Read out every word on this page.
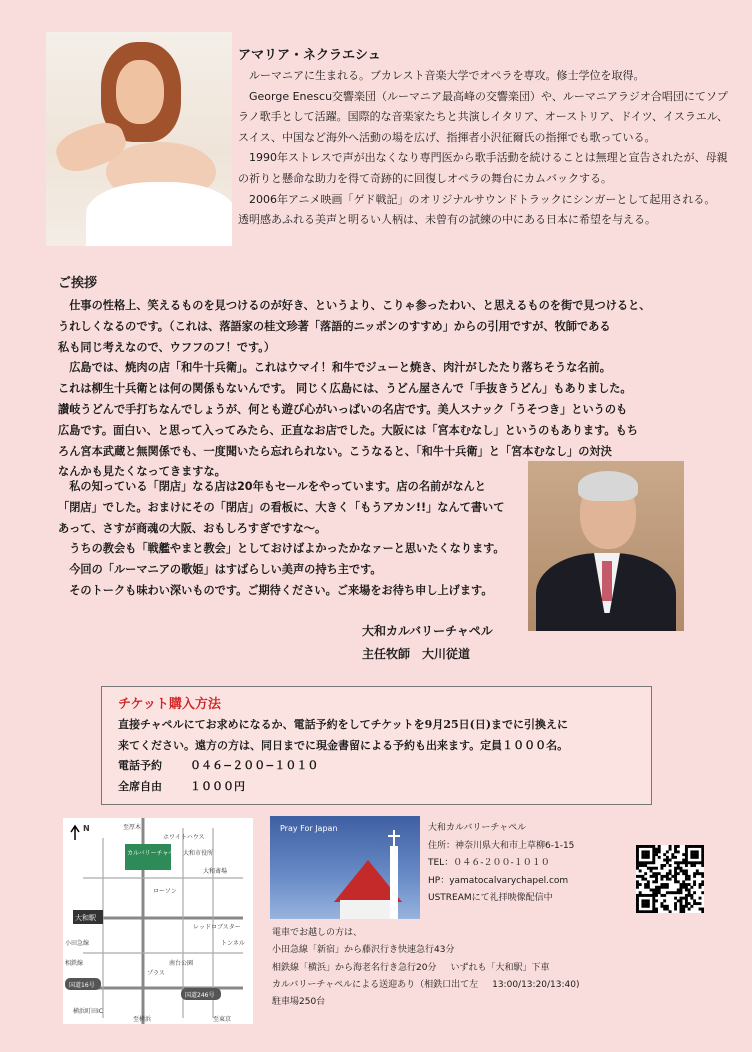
アマリア・ネクラエシュ

ルーマニアに生まれる。ブカレスト音楽大学でオペラを専攻。修士学位を取得。

George Enescu交響楽団（ルーマニア最高峰の交響楽団）や、ルーマニアラジオ合唱団にてソプラノ歌手として活躍。国際的な音楽家たちと共演しイタリア、オーストリア、ドイツ、イスラエル、スイス、中国など海外へ活動の場を広げ、指揮者小沢征爾氏の指揮でも歌っている。

1990年ストレスで声が出なくなり専門医から歌手活動を続けることは無理と宣告されたが、母親の祈りと懸命な助力を得て奇跡的に回復しオペラの舞台にカムバックする。

2006年アニメ映画「ゲド戦記」のオリジナルサウンドトラックにシンガーとして起用される。

透明感あふれる美声と明るい人柄は、未曾有の試練の中にある日本に希望を与える。

ご挨拶

仕事の性格上、笑えるものを見つけるのが好き、というより、こりゃ参ったわい、と思えるものを街で見つけると、

うれしくなるのです。（これは、落語家の桂文珍著「落語的ニッポンのすすめ」からの引用ですが、牧師である

私も同じ考えなので、ウフフのフ！です。）

広島では、焼肉の店「和牛十兵衛」。これはウマイ！和牛でジューと焼き、肉汁がしたたり落ちそうな名前。

これは柳生十兵衛とは何の関係もないんです。 同じく広島には、うどん屋さんで「手抜きうどん」もありました。

讃岐うどんで手打ちなんでしょうが、何とも遊び心がいっぱいの名店です。美人スナック「うそつき」というのも

広島です。面白い、と思って入ってみたら、正直なお店でした。大阪には「宮本むなし」というのもあります。もち

ろん宮本武蔵と無関係でも、一度聞いたら忘れられない。こうなると、「和牛十兵衛」と「宮本むなし」の対決

なんかも見たくなってきますな。

私の知っている「閉店」なる店は20年もセールをやっています。店の名前がなんと

「閉店」でした。おまけにその「閉店」の看板に、大きく「もうアカン!!」なんて書いて

あって、さすが商魂の大阪、おもしろすぎですな～。

うちの教会も「戦艦やまと教会」としておけばよかったかなァーと思いたくなります。

今回の「ルーマニアの歌姫」はすばらしい美声の持ち主です。

そのトークも味わい深いものです。ご期待ください。ご来場をお待ち申し上げます。

大和カルバリーチャペル
主任牧師　大川従道
チケット購入方法
直接チャペルにてお求めになるか、電話予約をしてチケットを9月25日(日)までに引換えに
来てください。遠方の方は、同日までに現金書留による予約も出来ます。定員１０００名。
電話予約	０４６−２００−１０１０
全席自由	１０００円
N	至厚木
ホワイトハウス
大和市役所
カルバリーチャペル
ローソン
大和斎場
大和駅
小田急線
相鉄線
国道16号
国道246号
横浜町田IC
至横浜	至東京
トンネル
レッドロブスター
プラス
南台公園
Pray For Japan	大和カルバリーチャペル
住所：神奈川県大和市上草柳6-1-15
TEL：０４６-２００-１０１０
HP：yamatocalvarychapel.com
USTREAMにて礼拝映像配信中
電車でお越しの方は、
小田急線「新宿」から藤沢行き快速急行43分
相鉄線「横浜」から海老名行き急行20分 いずれも「大和駅」下車
カルバリーチャペルによる送迎あり（相鉄口出て左 13:00/13:20/13:40)
駐車場250台
